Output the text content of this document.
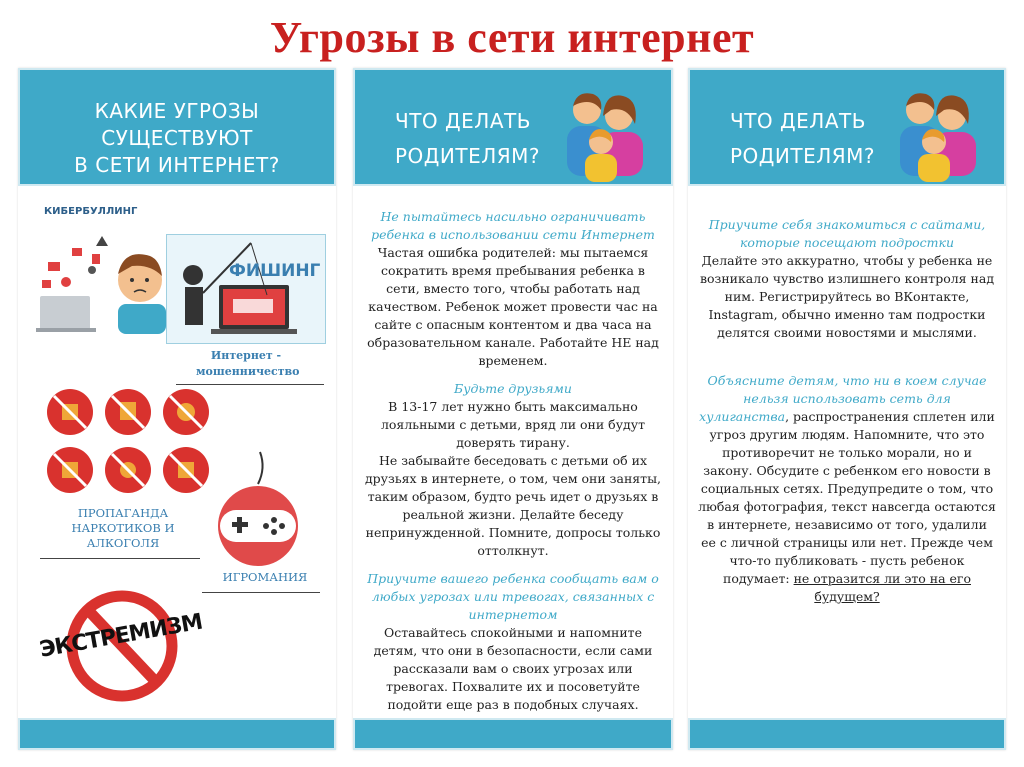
Угрозы в сети интернет
КАКИЕ УГРОЗЫ
СУЩЕСТВУЮТ
В СЕТИ ИНТЕРНЕТ?
КИБЕРБУЛЛИНГ
ФИШИНГ
Интернет -
мошенничество
ПРОПАГАНДА
НАРКОТИКОВ И
АЛКОГОЛЯ
ИГРОМАНИЯ
ЭКСТРЕМИЗМ
ЧТО ДЕЛАТЬ
РОДИТЕЛЯМ?

Не пытайтесь насильно ограничивать ребенка в использовании сети Интернет
Частая ошибка родителей: мы пытаемся сократить время пребывания ребенка в сети, вместо того, чтобы работать над качеством. Ребенок может провести час на сайте с опасным контентом и два часа на образовательном канале. Работайте НЕ над временем.

Будьте друзьями
В 13-17 лет нужно быть максимально лояльными с детьми, вряд ли они будут доверять тирану.
Не забывайте беседовать с детьми об их друзьях в интернете, о том, чем они заняты, таким образом, будто речь идет о друзьях в реальной жизни. Делайте беседу непринужденной. Помните, допросы только оттолкнут.

Приучите вашего ребенка сообщать вам о любых угрозах или тревогах, связанных с интернетом
Оставайтесь спокойными и напомните детям, что они в безопасности, если сами рассказали вам о своих угрозах или тревогах. Похвалите их и посоветуйте подойти еще раз в подобных случаях.

ЧТО ДЕЛАТЬ
РОДИТЕЛЯМ?

Приучите себя знакомиться с сайтами, которые посещают подростки
Делайте это аккуратно, чтобы у ребенка не возникало чувство излишнего контроля над ним. Регистрируйтесь во ВКонтакте, Instagram, обычно именно там подростки делятся своими новостями и мыслями.

Объясните детям, что ни в коем случае нельзя использовать сеть для хулиганства, распространения сплетен или угроз другим людям. Напомните, что это противоречит не только морали, но и закону. Обсудите с ребенком его новости в социальных сетях. Предупредите о том, что любая фотография, текст навсегда остаются в интернете, независимо от того, удалили ее с личной страницы или нет. Прежде чем что-то публиковать - пусть ребенок подумает: не отразится ли это на его будущем?
